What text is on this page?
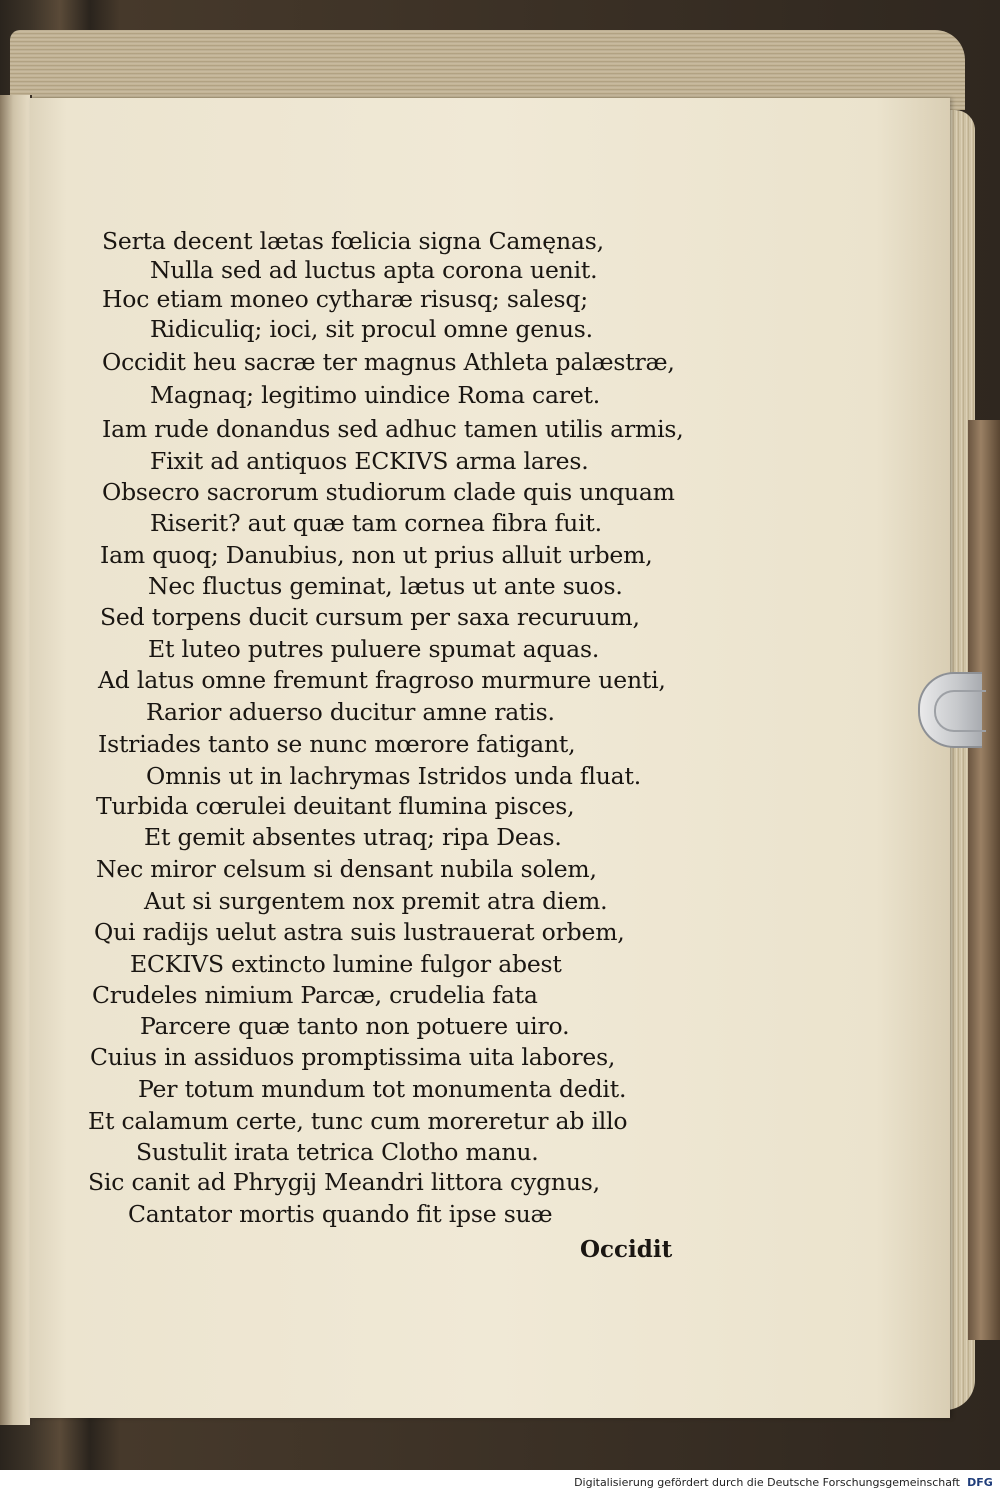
Serta decent lætas fœlicia signa Camęnas,
Nulla sed ad luctus apta corona uenit.
Hoc etiam moneo cytharæ risusq; salesq;
Ridiculiq; ioci, sit procul omne genus.
Occidit heu sacræ ter magnus Athleta palæstræ,
Magnaq; legitimo uindice Roma caret.
Iam rude donandus sed adhuc tamen utilis armis,
Fixit ad antiquos ECKIVS arma lares.
Obsecro sacrorum studiorum clade quis unquam
Riserit? aut quæ tam cornea fibra fuit.
Iam quoq; Danubius, non ut prius alluit urbem,
Nec fluctus geminat, lætus ut ante suos.
Sed torpens ducit cursum per saxa recuruum,
Et luteo putres puluere spumat aquas.
Ad latus omne fremunt fragroso murmure uenti,
Rarior aduerso ducitur amne ratis.
Istriades tanto se nunc mœrore fatigant,
Omnis ut in lachrymas Istridos unda fluat.
Turbida cœrulei deuitant flumina pisces,
Et gemit absentes utraq; ripa Deas.
Nec miror celsum si densant nubila solem,
Aut si surgentem nox premit atra diem.
Qui radijs uelut astra suis lustrauerat orbem,
ECKIVS extincto lumine fulgor abest
Crudeles nimium Parcæ, crudelia fata
Parcere quæ tanto non potuere uiro.
Cuius in assiduos promptissima uita labores,
Per totum mundum tot monumenta dedit.
Et calamum certe, tunc cum moreretur ab illo
Sustulit irata tetrica Clotho manu.
Sic canit ad Phrygij Meandri littora cygnus,
Cantator mortis quando fit ipse suæ
Occidit
Digitalisierung gefördert durch die Deutsche Forschungsgemeinschaft DFG
